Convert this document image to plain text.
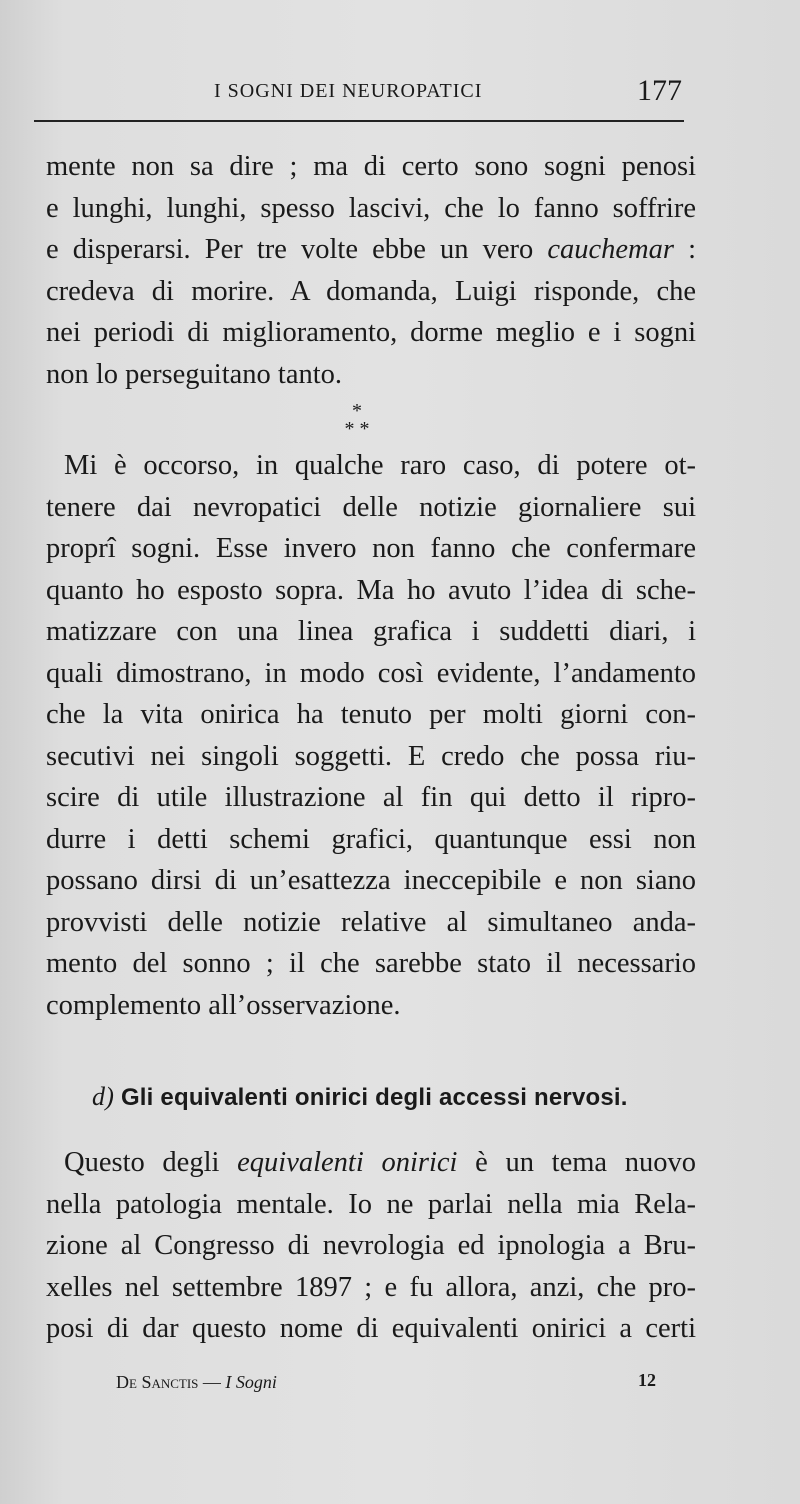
I SOGNI DEI NEUROPATICI	177
mente non sa dire ; ma di certo sono sogni penosi
e lunghi, lunghi, spesso lascivi, che lo fanno soffrire
e disperarsi. Per tre volte ebbe un vero cauchemar :
credeva di morire. A domanda, Luigi risponde, che
nei periodi di miglioramento, dorme meglio e i sogni
non lo perseguitano tanto.
*
* *
Mi è occorso, in qualche raro caso, di potere ot-
tenere dai nevropatici delle notizie giornaliere sui
proprî sogni. Esse invero non fanno che confermare
quanto ho esposto sopra. Ma ho avuto l’idea di sche-
matizzare con una linea grafica i suddetti diari, i
quali dimostrano, in modo così evidente, l’andamento
che la vita onirica ha tenuto per molti giorni con-
secutivi nei singoli soggetti. E credo che possa riu-
scire di utile illustrazione al fin qui detto il ripro-
durre i detti schemi grafici, quantunque essi non
possano dirsi di un’esattezza ineccepibile e non siano
provvisti delle notizie relative al simultaneo anda-
mento del sonno ; il che sarebbe stato il necessario
complemento all’osservazione.
d) Gli equivalenti onirici degli accessi nervosi.
Questo degli equivalenti onirici è un tema nuovo
nella patologia mentale. Io ne parlai nella mia Rela-
zione al Congresso di nevrologia ed ipnologia a Bru-
xelles nel settembre 1897 ; e fu allora, anzi, che pro-
posi di dar questo nome di equivalenti onirici a certi
De Sanctis — I Sogni	12
